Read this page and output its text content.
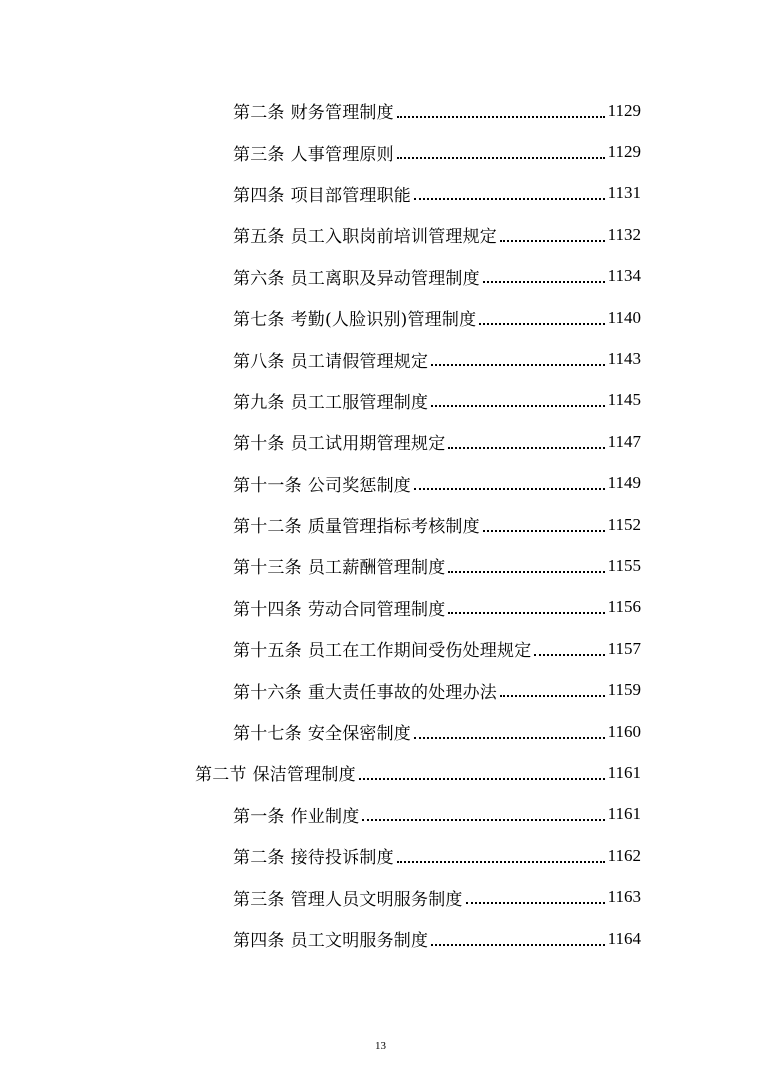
第二条 财务管理制度	1129
第三条 人事管理原则	1129
第四条 项目部管理职能	1131
第五条 员工入职岗前培训管理规定	1132
第六条 员工离职及异动管理制度	1134
第七条 考勤(人脸识别)管理制度	1140
第八条 员工请假管理规定	1143
第九条 员工工服管理制度	1145
第十条 员工试用期管理规定	1147
第十一条 公司奖惩制度	1149
第十二条 质量管理指标考核制度	1152
第十三条 员工薪酬管理制度	1155
第十四条 劳动合同管理制度	1156
第十五条 员工在工作期间受伤处理规定	1157
第十六条 重大责任事故的处理办法	1159
第十七条 安全保密制度	1160
第二节 保洁管理制度	1161
第一条 作业制度	1161
第二条 接待投诉制度	1162
第三条 管理人员文明服务制度	1163
第四条 员工文明服务制度	1164
13
